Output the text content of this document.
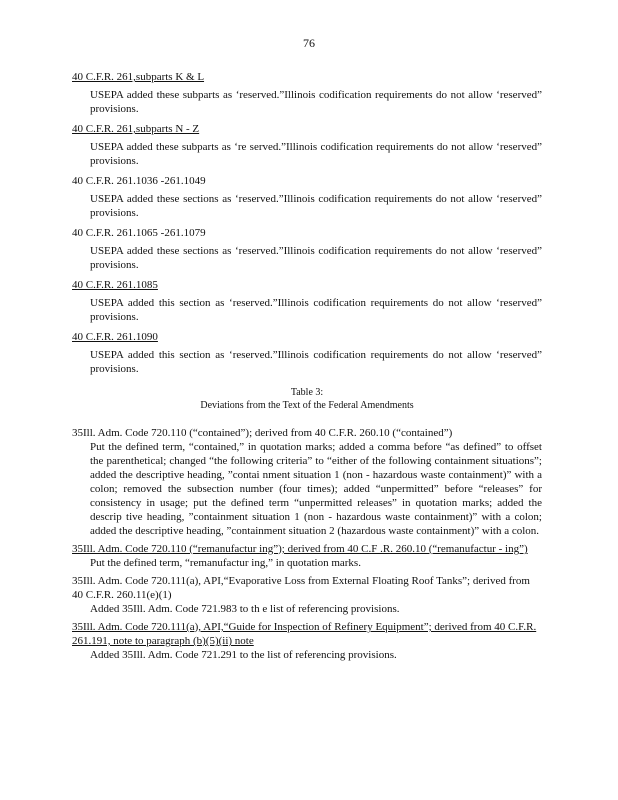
76

40 C.F.R. 261,subparts K & L

USEPA added these subparts as ‘reserved.”Illinois codification requirements do not allow ‘reserved” provisions.

40 C.F.R. 261,subparts N - Z

USEPA added these subparts as ‘re served.”Illinois codification requirements do not allow ‘reserved” provisions.

40 C.F.R. 261.1036 -261.1049

USEPA added these sections as ‘reserved.”Illinois codification requirements do not allow ‘reserved” provisions.

40 C.F.R. 261.1065 -261.1079

USEPA added these sections as ‘reserved.”Illinois codification requirements do not allow ‘reserved” provisions.

40 C.F.R. 261.1085

USEPA added this section as ‘reserved.”Illinois codification requirements do not allow ‘reserved” provisions.

40 C.F.R. 261.1090

USEPA added this section as ‘reserved.”Illinois codification requirements do not allow ‘reserved” provisions.

Table 3:
Deviations from the Text of the Federal Amendments

35Ill. Adm. Code 720.110 (“contained”); derived from 40 C.F.R. 260.10 (“contained”)

Put the defined term, “contained,” in quotation marks; added a comma before “as defined” to offset the parenthetical; changed “the following criteria” to “either of the following containment situations”; added the descriptive heading, ”contai nment situation 1 (non - hazardous waste containment)” with a colon; removed the subsection number (four times); added “unpermitted” before “releases” for consistency in usage; put the defined term “unpermitted releases” in quotation marks; added the descrip tive heading, ”containment situation 1 (non - hazardous waste containment)” with a colon; added the descriptive heading, ”containment situation 2 (hazardous waste containment)” with a colon.

35Ill. Adm. Code 720.110 (“remanufactur ing”); derived from 40 C.F .R. 260.10 (“remanufactur - ing”)

Put the defined term, “remanufactur ing,” in quotation marks.

35Ill. Adm. Code 720.111(a), API,“Evaporative Loss from External Floating Roof Tanks”; derived from 40 C.F.R. 260.11(e)(1)

Added 35Ill. Adm. Code 721.983 to th e list of referencing provisions.

35Ill. Adm. Code 720.111(a), API,“Guide for Inspection of Refinery Equipment”; derived from 40 C.F.R. 261.191, note to paragraph (b)(5)(ii) note

Added 35Ill. Adm. Code 721.291 to the list of referencing provisions.
